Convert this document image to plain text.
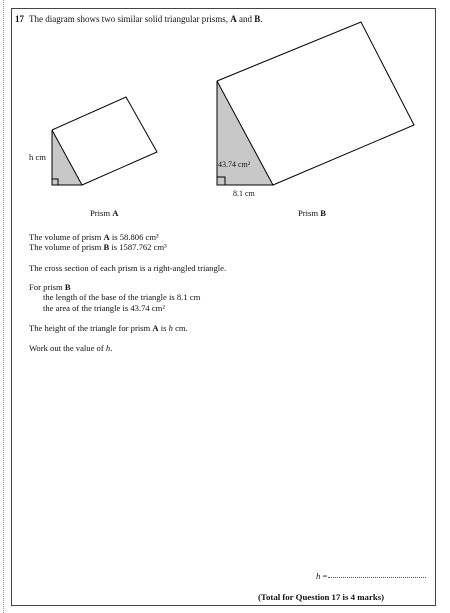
17 The diagram shows two similar solid triangular prisms, A and B.
h cm
43.74 cm²
8.1 cm
Prism A	Prism B
The volume of prism A is 58.806 cm³
The volume of prism B is 1587.762 cm³
The cross section of each prism is a right-angled triangle.
For prism B
the length of the base of the triangle is 8.1 cm
the area of the triangle is 43.74 cm²
The height of the triangle for prism A is h cm.
Work out the value of h.
h =
(Total for Question 17 is 4 marks)
